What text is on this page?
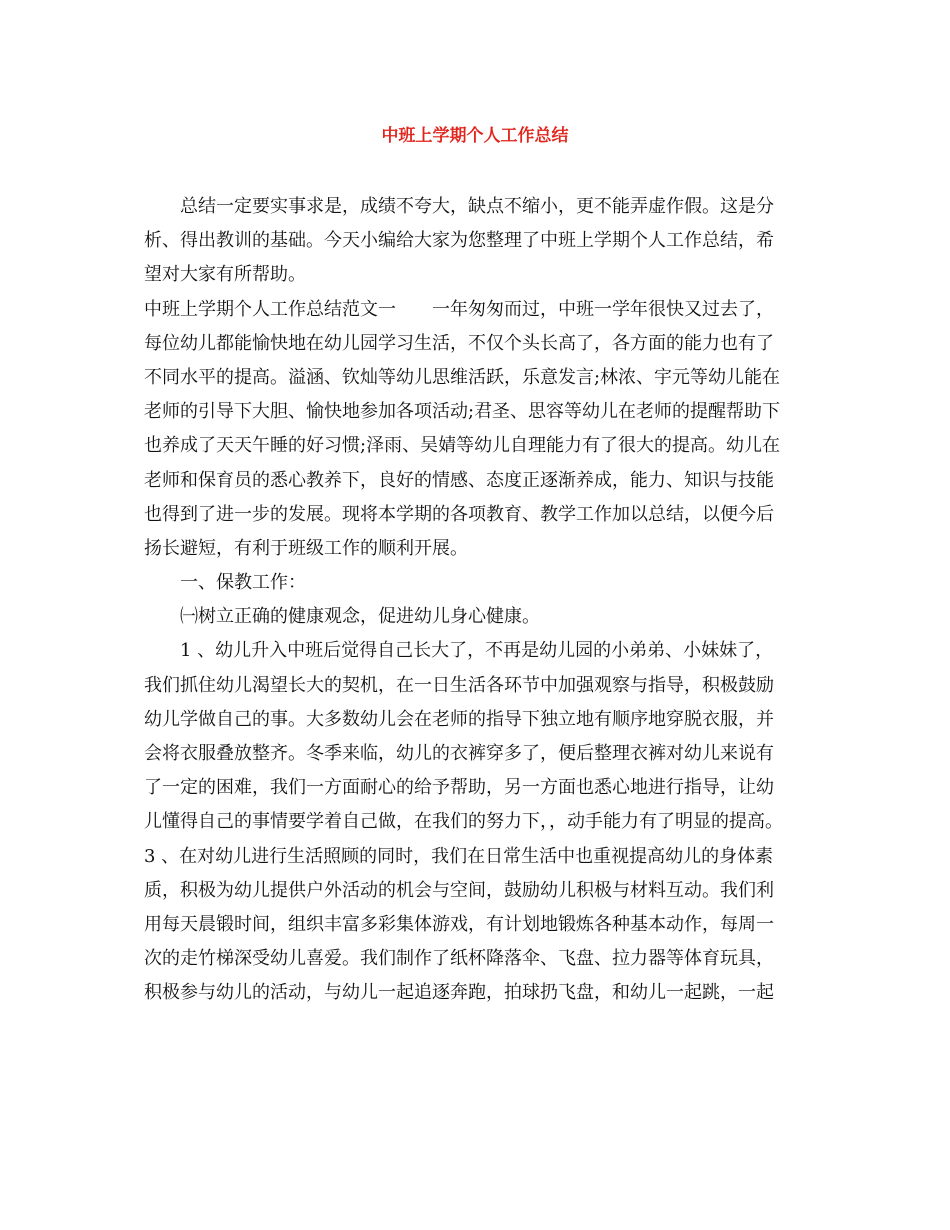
中班上学期个人工作总结
　　总结一定要实事求是，成绩不夸大，缺点不缩小，更不能弄虚作假。这是分
析、得出教训的基础。今天小编给大家为您整理了中班上学期个人工作总结，希
望对大家有所帮助。
中班上学期个人工作总结范文一　　一年匆匆而过，中班一学年很快又过去了，
每位幼儿都能愉快地在幼儿园学习生活，不仅个头长高了，各方面的能力也有了
不同水平的提高。溢涵、钦灿等幼儿思维活跃，乐意发言;林浓、宇元等幼儿能在
老师的引导下大胆、愉快地参加各项活动;君圣、思容等幼儿在老师的提醒帮助下
也养成了天天午睡的好习惯;泽雨、吴婧等幼儿自理能力有了很大的提高。幼儿在
老师和保育员的悉心教养下，良好的情感、态度正逐渐养成，能力、知识与技能
也得到了进一步的发展。现将本学期的各项教育、教学工作加以总结，以便今后
扬长避短，有利于班级工作的顺利开展。
　　一、保教工作：
　　㈠树立正确的健康观念，促进幼儿身心健康。
　　1 、幼儿升入中班后觉得自己长大了，不再是幼儿园的小弟弟、小妹妹了，
我们抓住幼儿渴望长大的契机，在一日生活各环节中加强观察与指导，积极鼓励
幼儿学做自己的事。大多数幼儿会在老师的指导下独立地有顺序地穿脱衣服，并
会将衣服叠放整齐。冬季来临，幼儿的衣裤穿多了，便后整理衣裤对幼儿来说有
了一定的困难，我们一方面耐心的给予帮助，另一方面也悉心地进行指导，让幼
儿懂得自己的事情要学着自己做，在我们的努力下，，动手能力有了明显的提高。
3 、在对幼儿进行生活照顾的同时，我们在日常生活中也重视提高幼儿的身体素
质，积极为幼儿提供户外活动的机会与空间，鼓励幼儿积极与材料互动。我们利
用每天晨锻时间，组织丰富多彩集体游戏，有计划地锻炼各种基本动作，每周一
次的走竹梯深受幼儿喜爱。我们制作了纸杯降落伞、飞盘、拉力器等体育玩具，
积极参与幼儿的活动，与幼儿一起追逐奔跑，拍球扔飞盘，和幼儿一起跳，一起
